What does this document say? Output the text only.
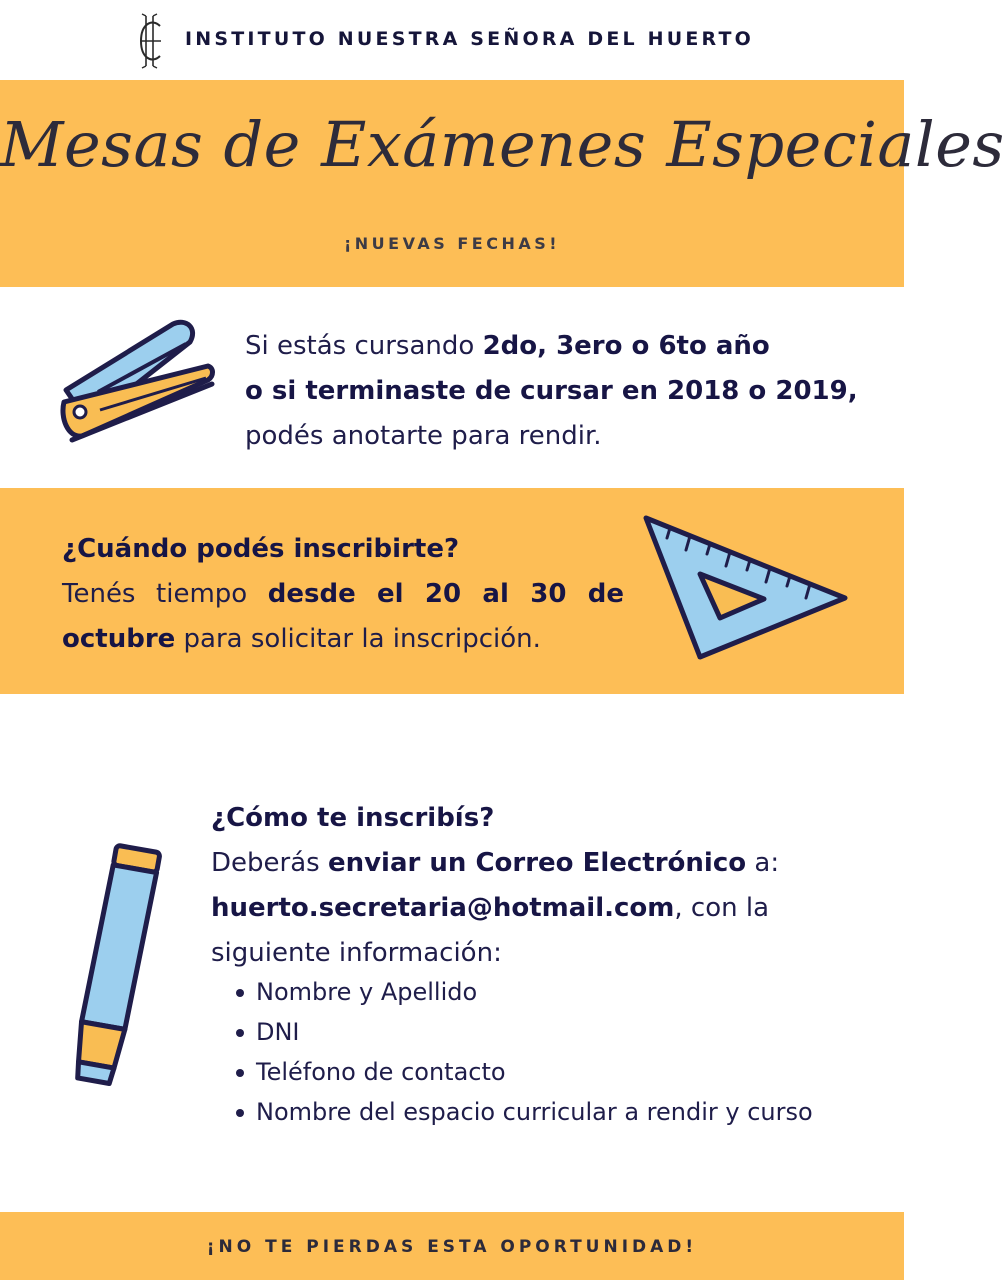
INSTITUTO NUESTRA SEÑORA DEL HUERTO
Mesas de Exámenes Especiales
¡NUEVAS FECHAS!
Si estás cursando 2do, 3ero o 6to año
o si terminaste de cursar en 2018 o 2019,
podés anotarte para rendir.
¿Cuándo podés inscribirte?
Tenés tiempo desde el 20 al 30 de
octubre para solicitar la inscripción.
¿Cómo te inscribís?
Deberás enviar un Correo Electrónico a:
huerto.secretaria@hotmail.com, con la
siguiente información:
Nombre y Apellido
DNI
Teléfono de contacto
Nombre del espacio curricular a rendir y curso
¡NO TE PIERDAS ESTA OPORTUNIDAD!
